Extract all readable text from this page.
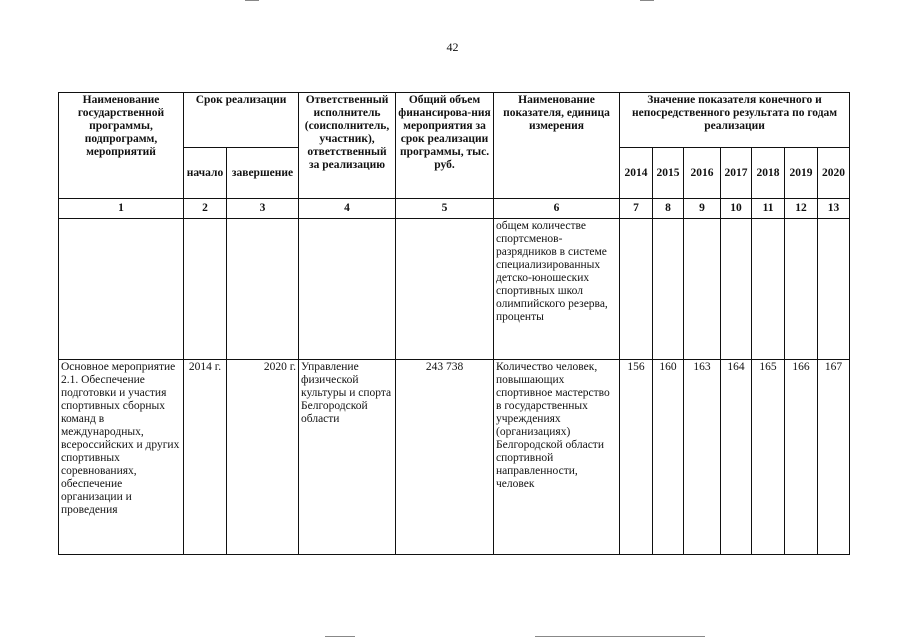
42
Наименование государственной программы, подпрограмм, мероприятий	Срок реализации		Ответственный исполнитель (соисполнитель, участник), ответственный за реализацию	Общий объем финансирова-ния мероприятия за срок реализации программы, тыс. руб.	Наименование показателя, единица измерения	Значение показателя конечного и непосредственного результата по годам реализации						
	начало	завершение				2014	2015	2016	2017	2018	2019	2020
1	2	3	4	5	6	7	8	9	10	11	12	13
					общем количестве спортсменов-разрядников в системе специализированных детско-юношеских спортивных школ олимпийского резерва, проценты							
Основное мероприятие 2.1. Обеспечение подготовки и участия спортивных сборных команд в международных, всероссийских и других спортивных соревнованиях, обеспечение организации и проведения	2014 г.	2020 г.	Управление физической культуры и спорта Белгородской области	243 738	Количество человек, повышающих спортивное мастерство в государственных учреждениях (организациях) Белгородской области спортивной направленности, человек	156	160	163	164	165	166	167
